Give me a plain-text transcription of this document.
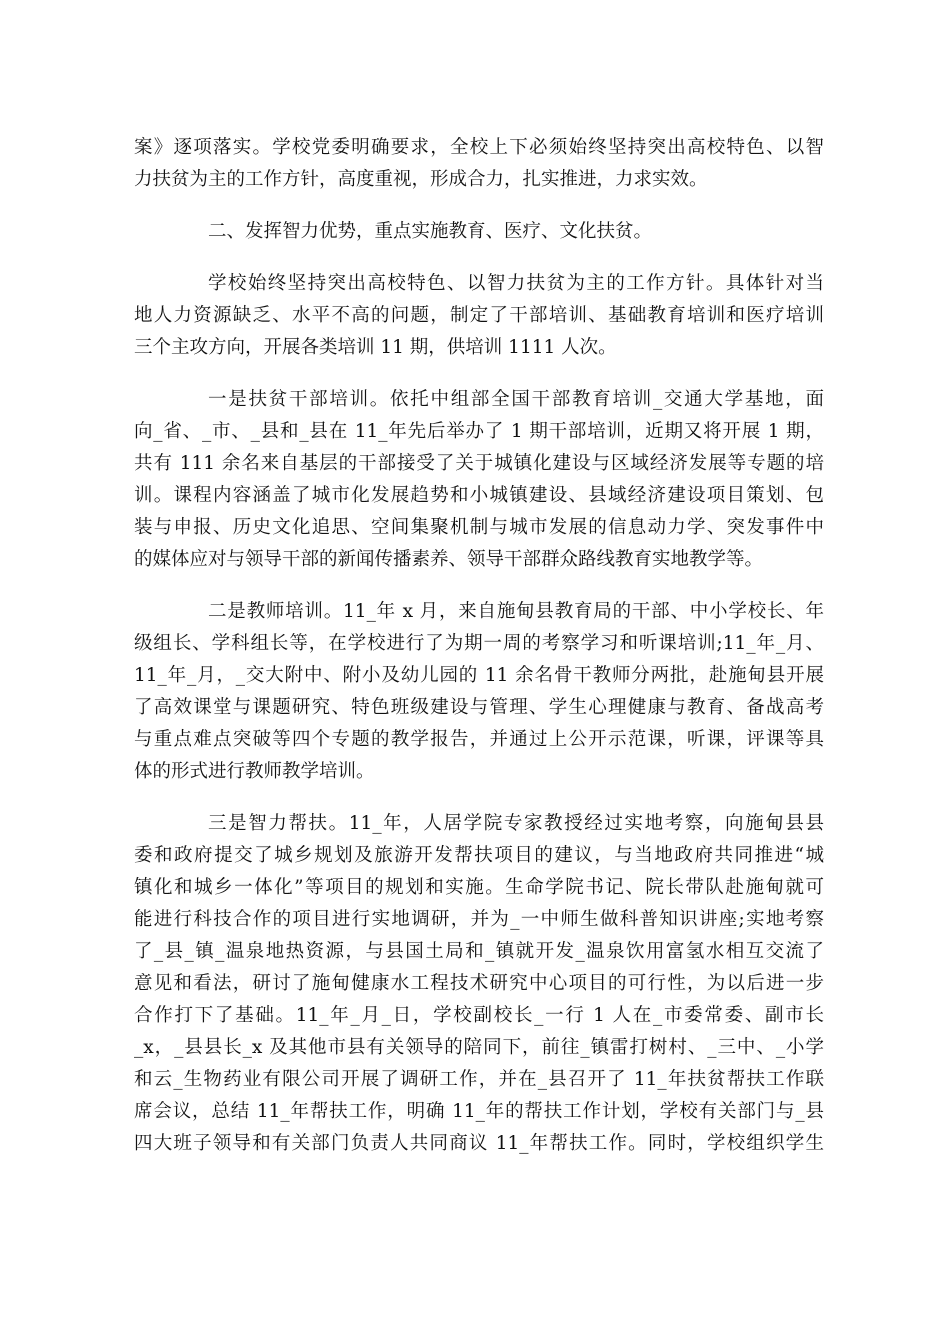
案》逐项落实。学校党委明确要求，全校上下必须始终坚持突出高校特色、以智
力扶贫为主的工作方针，高度重视，形成合力，扎实推进，力求实效。
二、发挥智力优势，重点实施教育、医疗、文化扶贫。
学校始终坚持突出高校特色、以智力扶贫为主的工作方针。具体针对当
地人力资源缺乏、水平不高的问题，制定了干部培训、基础教育培训和医疗培训
三个主攻方向，开展各类培训 11 期，供培训 1111 人次。
一是扶贫干部培训。依托中组部全国干部教育培训_交通大学基地，面
向_省、_市、_县和_县在 11_年先后举办了 1 期干部培训，近期又将开展 1 期，
共有 111 余名来自基层的干部接受了关于城镇化建设与区域经济发展等专题的培
训。课程内容涵盖了城市化发展趋势和小城镇建设、县域经济建设项目策划、包
装与申报、历史文化追思、空间集聚机制与城市发展的信息动力学、突发事件中
的媒体应对与领导干部的新闻传播素养、领导干部群众路线教育实地教学等。
二是教师培训。11_年 x 月，来自施甸县教育局的干部、中小学校长、年
级组长、学科组长等，在学校进行了为期一周的考察学习和听课培训;11_年_月、
11_年_月，_交大附中、附小及幼儿园的 11 余名骨干教师分两批，赴施甸县开展
了高效课堂与课题研究、特色班级建设与管理、学生心理健康与教育、备战高考
与重点难点突破等四个专题的教学报告，并通过上公开示范课，听课，评课等具
体的形式进行教师教学培训。
三是智力帮扶。11_年，人居学院专家教授经过实地考察，向施甸县县
委和政府提交了城乡规划及旅游开发帮扶项目的建议，与当地政府共同推进“城
镇化和城乡一体化”等项目的规划和实施。生命学院书记、院长带队赴施甸就可
能进行科技合作的项目进行实地调研，并为_一中师生做科普知识讲座;实地考察
了_县_镇_温泉地热资源，与县国土局和_镇就开发_温泉饮用富氢水相互交流了
意见和看法，研讨了施甸健康水工程技术研究中心项目的可行性，为以后进一步
合作打下了基础。11_年_月_日，学校副校长_一行 1 人在_市委常委、副市长
_x，_县县长_x 及其他市县有关领导的陪同下，前往_镇雷打树村、_三中、_小学
和云_生物药业有限公司开展了调研工作，并在_县召开了 11_年扶贫帮扶工作联
席会议，总结 11_年帮扶工作，明确 11_年的帮扶工作计划，学校有关部门与_县
四大班子领导和有关部门负责人共同商议 11_年帮扶工作。同时，学校组织学生
